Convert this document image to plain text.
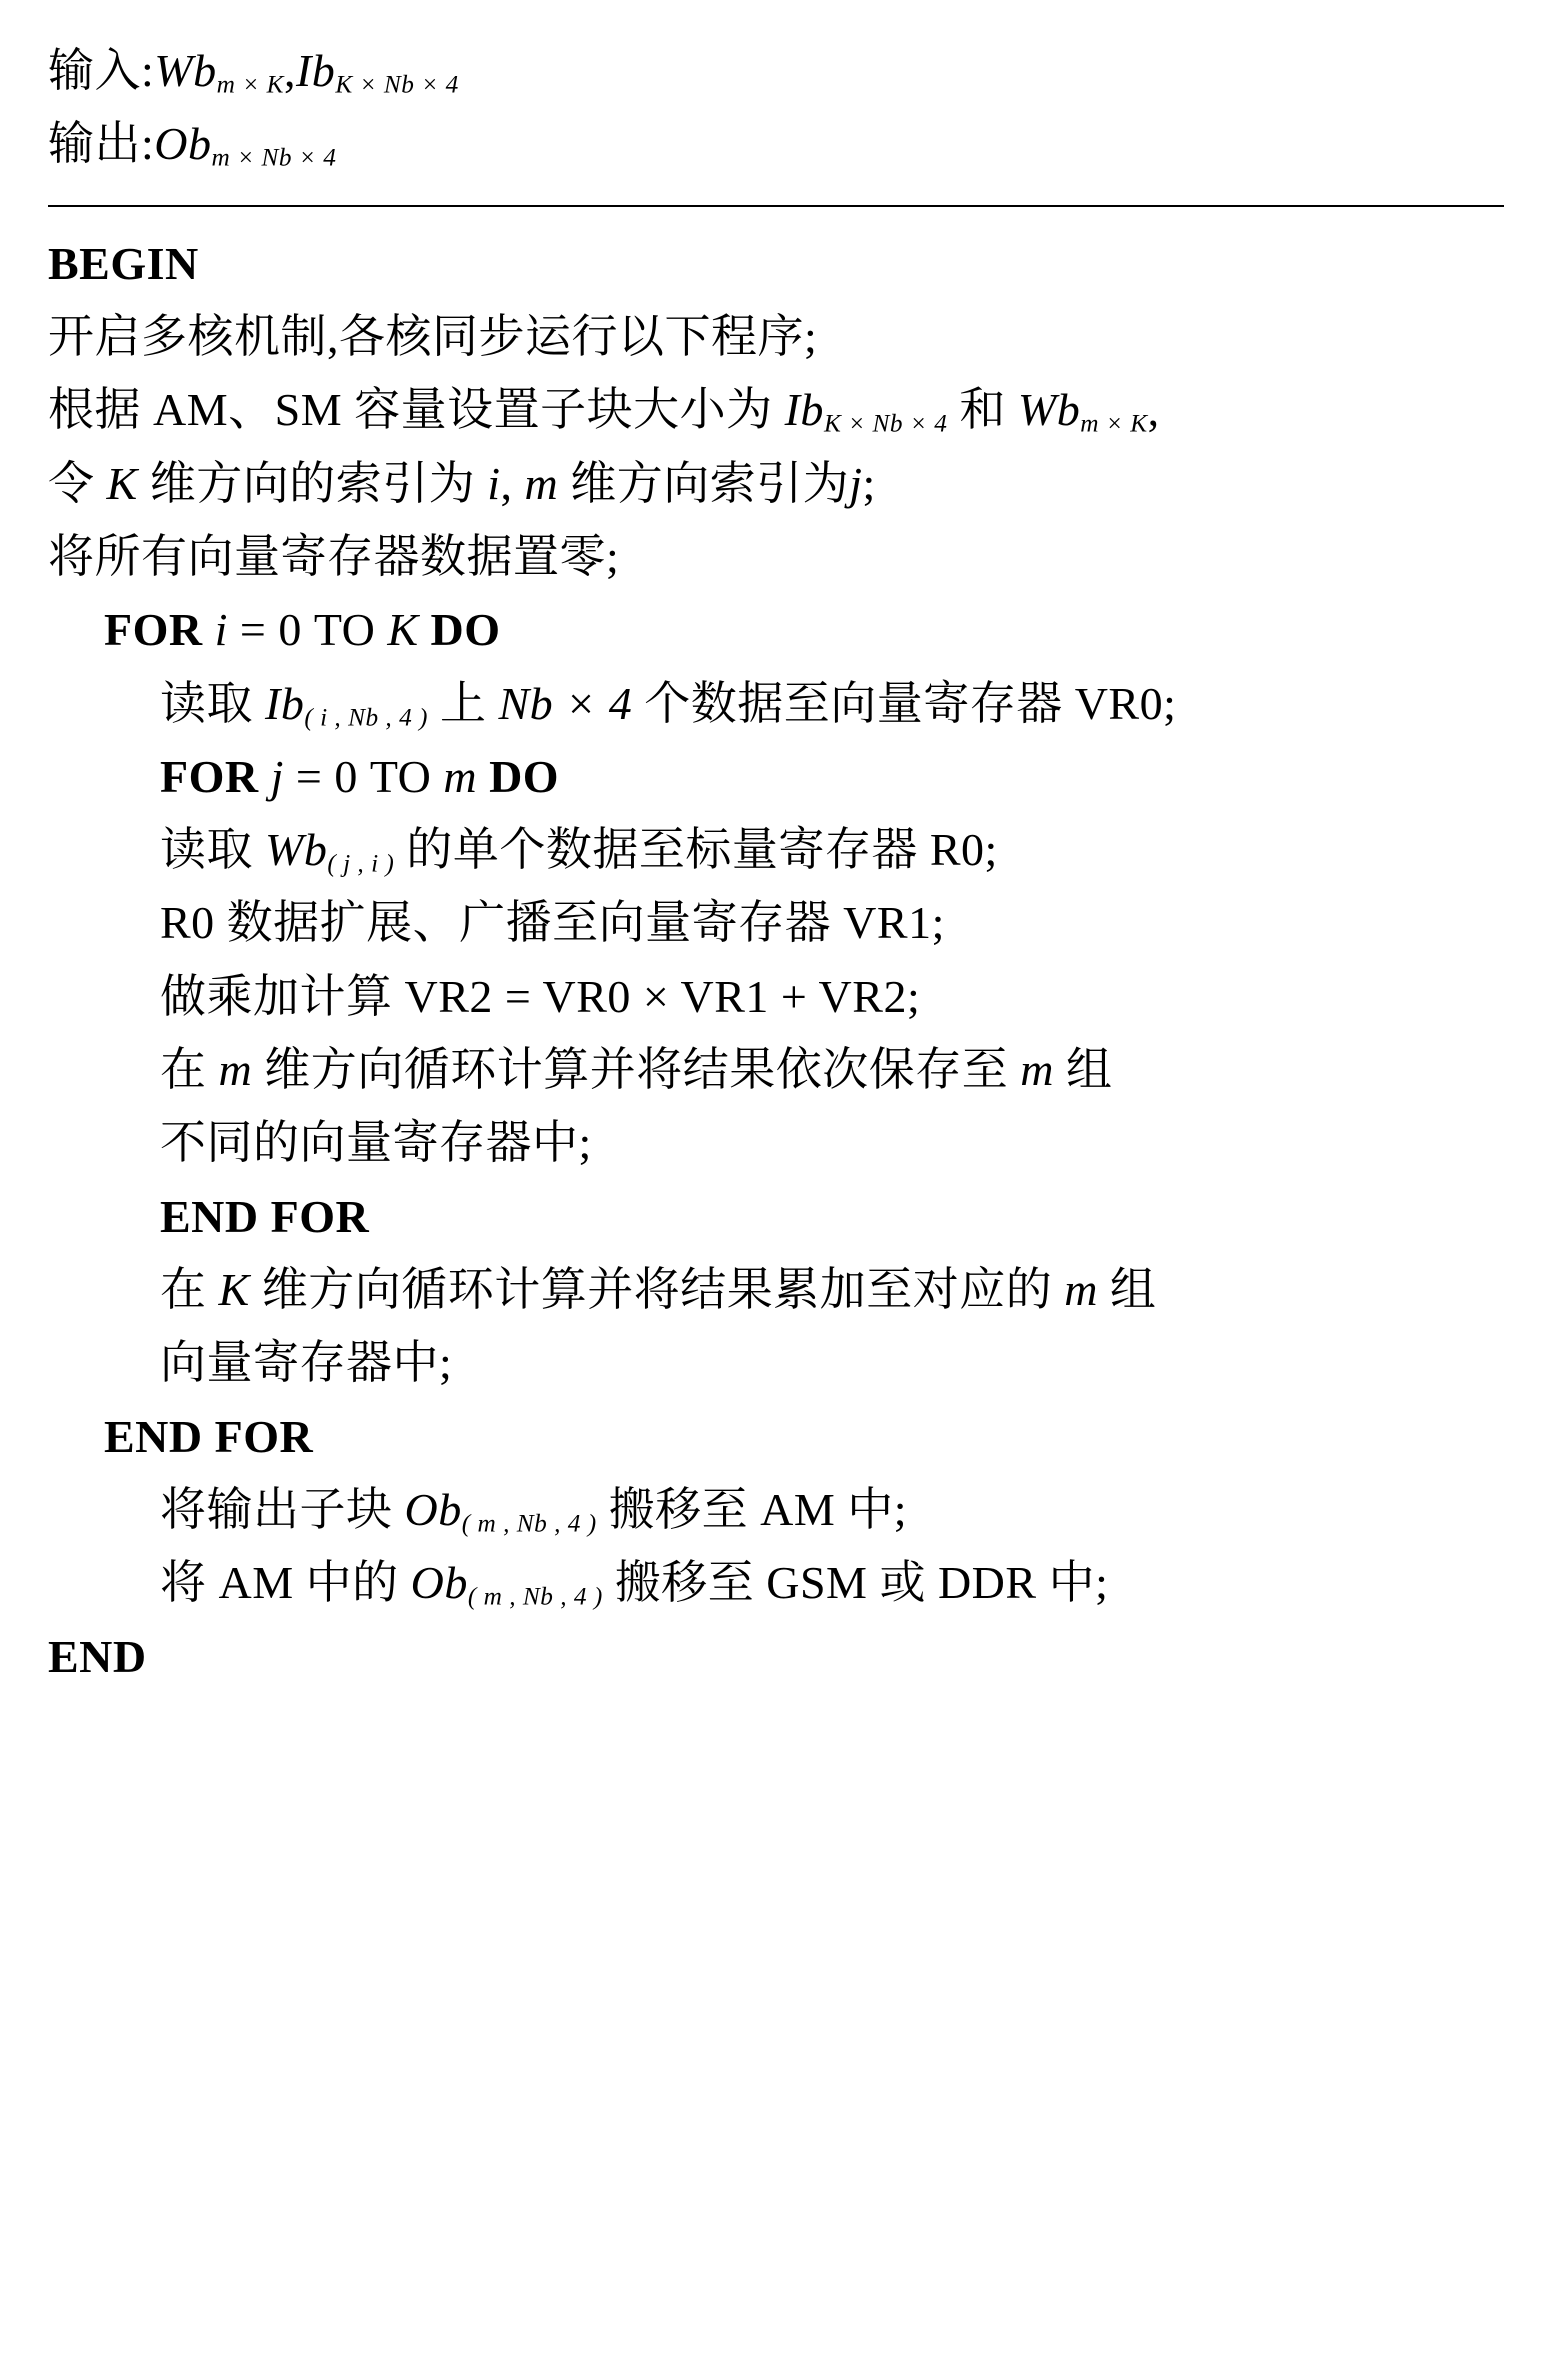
输入$:Wb_{m \times K},Ib_{K \times Nb \times 4}$
输出$:Ob_{m \times Nb \times 4}$
BEGIN
开启多核机制,各核同步运行以下程序;
根据 AM、SM 容量设置子块大小为 $Ib_{K \times Nb \times 4}$ 和 $Wb_{m \times K}$,
令 K 维方向的索引为 i, m 维方向索引为j;
将所有向量寄存器数据置零;
FOR i = 0 TO K DO
读取 $Ib_{( i , Nb , 4 )}$ 上 Nb × 4 个数据至向量寄存器 VR0;
FOR j = 0 TO m DO
读取 $Wb_{( j , i )}$ 的单个数据至标量寄存器 R0;
R0 数据扩展、广播至向量寄存器 VR1;
做乘加计算 VR2 = VR0 × VR1 + VR2;
在 m 维方向循环计算并将结果依次保存至 m 组
不同的向量寄存器中;
END FOR
在 K 维方向循环计算并将结果累加至对应的 m 组
向量寄存器中;
END FOR
将输出子块 $Ob_{( m , Nb , 4 )}$ 搬移至 AM 中;
将 AM 中的 $Ob_{( m , Nb , 4 )}$ 搬移至 GSM 或 DDR 中;
END
